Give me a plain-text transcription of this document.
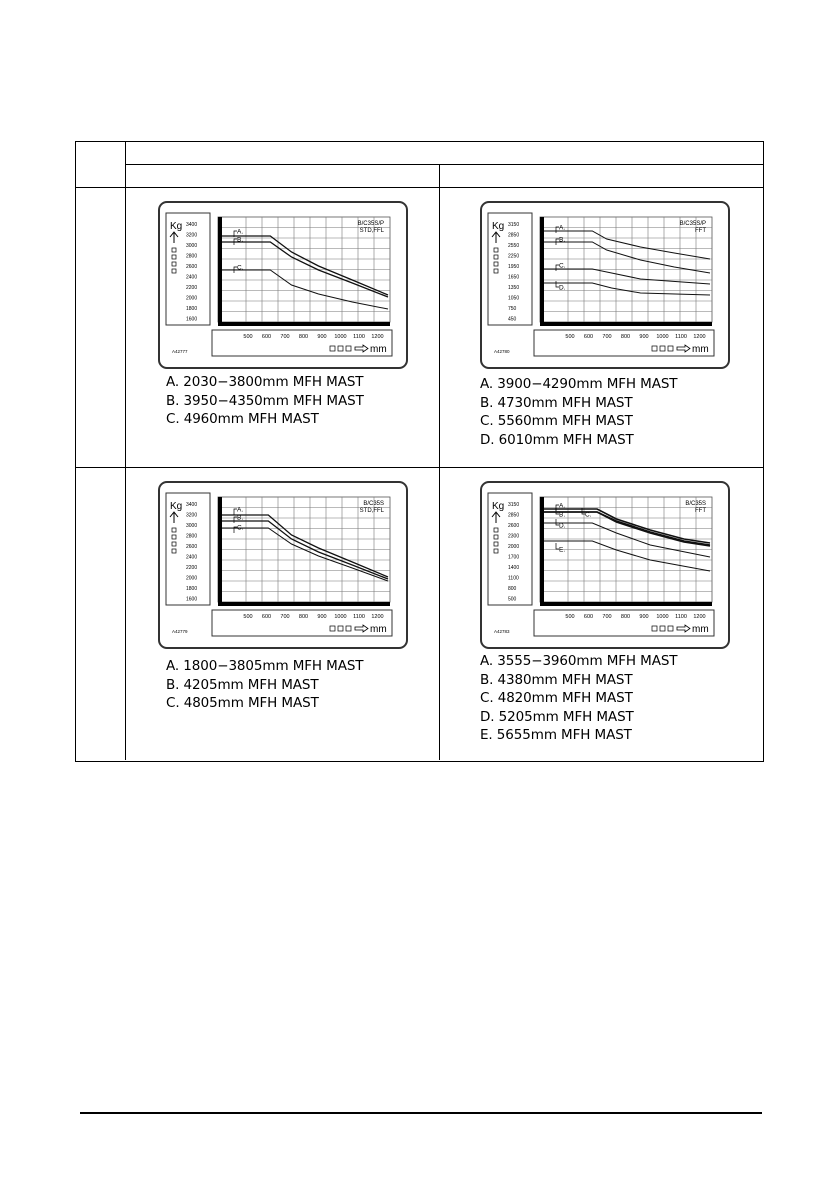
Kg 3400
3200
3000
2800
2600
2400
2200
2000
1800
1600
A.
B.
C.
B/C35S/P
STD,FFL
500 600 700 800 900 1000 1100 1200
mm
A42777
A. 2030−3800mm MFH MAST
B. 3950−4350mm MFH MAST
C. 4960mm MFH MAST
Kg 3150
2850
2550
2250
1950
1650
1350
1050
750
450
A.
B.
C.
D.
B/C35S/P
FFT
500 600 700 800 900 1000 1100 1200
mm
A42780
A. 3900−4290mm MFH MAST
B. 4730mm MFH MAST
C. 5560mm MFH MAST
D. 6010mm MFH MAST
Kg 3400
3200
3000
2800
2600
2400
2200
2000
1800
1600
A.
B.
C.
B/C35S
STD,FFL
500 600 700 800 900 1000 1100 1200
mm
A42779
A. 1800−3805mm MFH MAST
B. 4205mm MFH MAST
C. 4805mm MFH MAST
Kg 3150
2850
2600
2300
2000
1700
1400
1100
800
500
A.
B.	C.
D.
E.
B/C35S
FFT
500 600 700 800 900 1000 1100 1200
mm
A42783
A. 3555−3960mm MFH MAST
B. 4380mm MFH MAST
C. 4820mm MFH MAST
D. 5205mm MFH MAST
E. 5655mm MFH MAST
